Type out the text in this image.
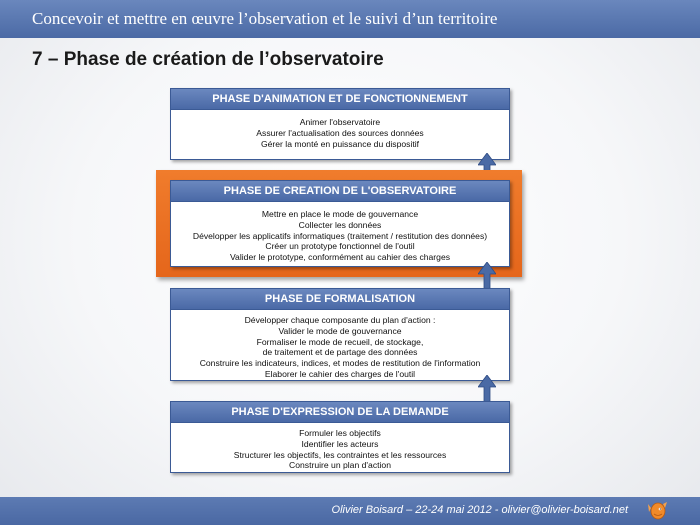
Concevoir et mettre en œuvre l’observation et le suivi d’un territoire
7 – Phase de création de l’observatoire
PHASE D'ANIMATION ET DE FONCTIONNEMENT
Animer l'observatoire
Assurer l'actualisation des sources données
Gérer la monté en puissance du dispositif
PHASE DE CREATION DE L'OBSERVATOIRE
Mettre en place le mode de gouvernance
Collecter les données
Développer les applicatifs informatiques (traitement / restitution des données)
Créer un prototype fonctionnel de l'outil
Valider le prototype, conformément au cahier des charges
PHASE DE FORMALISATION
Développer chaque composante du plan d'action :
Valider le mode de gouvernance
Formaliser le mode de recueil, de stockage,
de traitement et de partage des données
Construire les indicateurs, indices, et modes de restitution de l'information
Elaborer le cahier des charges de l'outil
PHASE D'EXPRESSION DE LA DEMANDE
Formuler les objectifs
Identifier les acteurs
Structurer les objectifs, les contraintes et les ressources
Construire un plan d'action
Olivier Boisard – 22-24 mai 2012 - olivier@olivier-boisard.net
